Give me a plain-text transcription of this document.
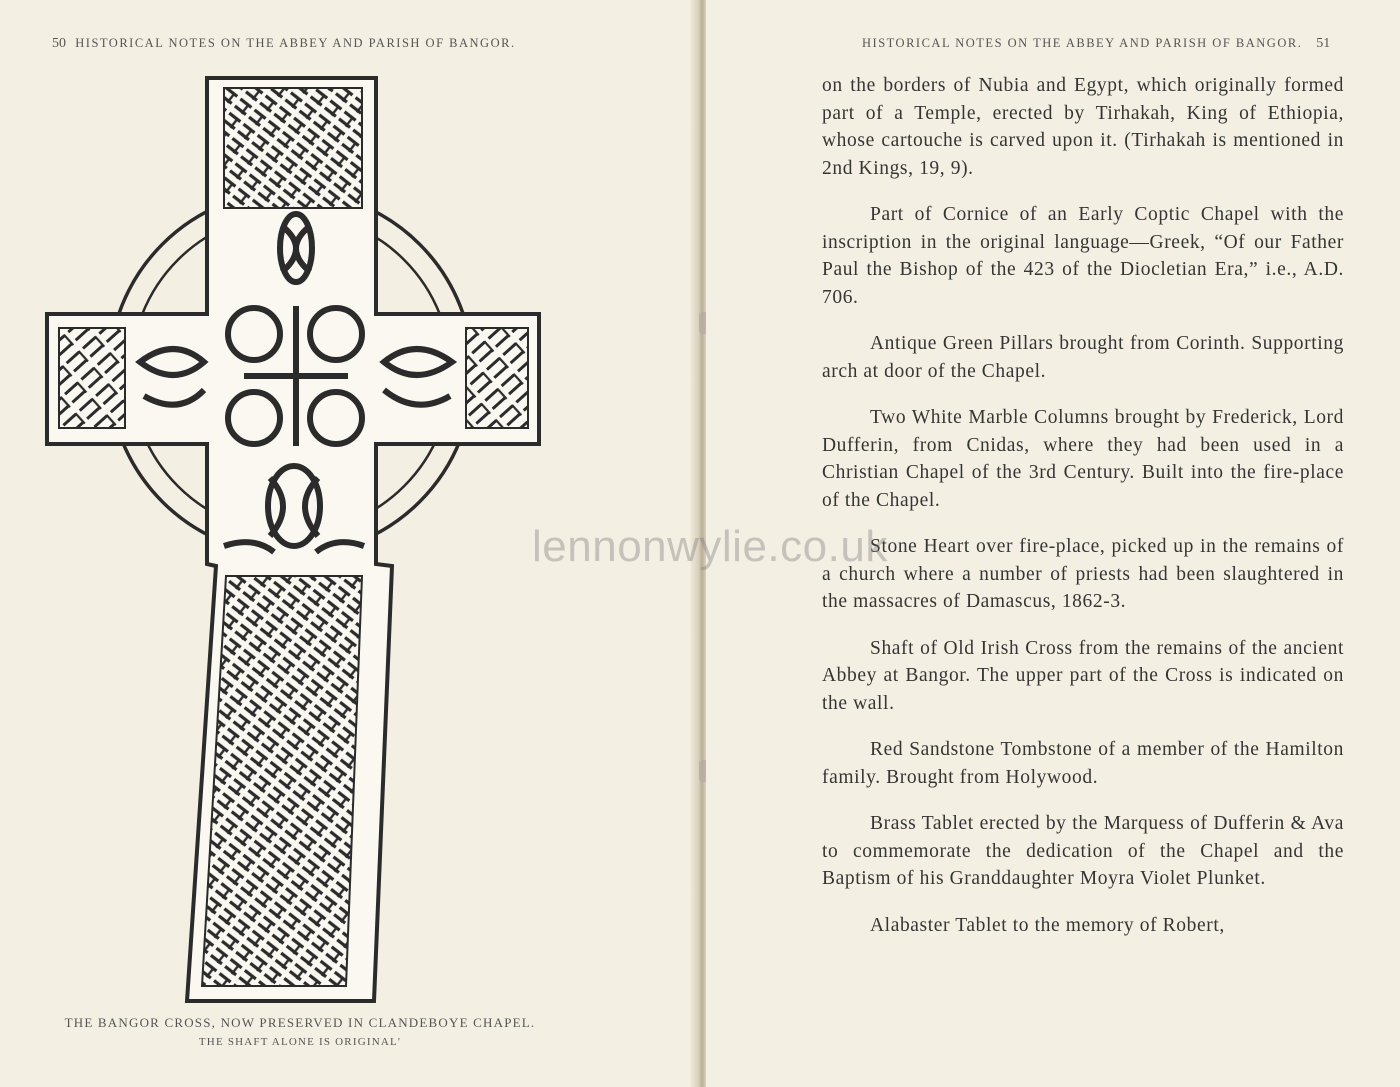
50 HISTORICAL NOTES ON THE ABBEY AND PARISH OF BANGOR.
THE BANGOR CROSS, NOW PRESERVED IN CLANDEBOYE CHAPEL.
THE SHAFT ALONE IS ORIGINAL'
HISTORICAL NOTES ON THE ABBEY AND PARISH OF BANGOR. 51

on the borders of Nubia and Egypt, which originally formed part of a Temple, erected by Tirhakah, King of Ethiopia, whose cartouche is carved upon it. (Tirhakah is mentioned in 2nd Kings, 19, 9).

Part of Cornice of an Early Coptic Chapel with the inscription in the original language—Greek, “Of our Father Paul the Bishop of the 423 of the Diocletian Era,” i.e., A.D. 706.

Antique Green Pillars brought from Corinth. Supporting arch at door of the Chapel.

Two White Marble Columns brought by Frederick, Lord Dufferin, from Cnidas, where they had been used in a Christian Chapel of the 3rd Century. Built into the fire-place of the Chapel.

Stone Heart over fire-place, picked up in the remains of a church where a number of priests had been slaughtered in the massacres of Damascus, 1862-3.

Shaft of Old Irish Cross from the remains of the ancient Abbey at Bangor. The upper part of the Cross is indicated on the wall.

Red Sandstone Tombstone of a member of the Hamilton family. Brought from Holywood.

Brass Tablet erected by the Marquess of Dufferin & Ava to commemorate the dedication of the Chapel and the Baptism of his Granddaughter Moyra Violet Plunket.

Alabaster Tablet to the memory of Robert,

lennonwylie.co.uk
